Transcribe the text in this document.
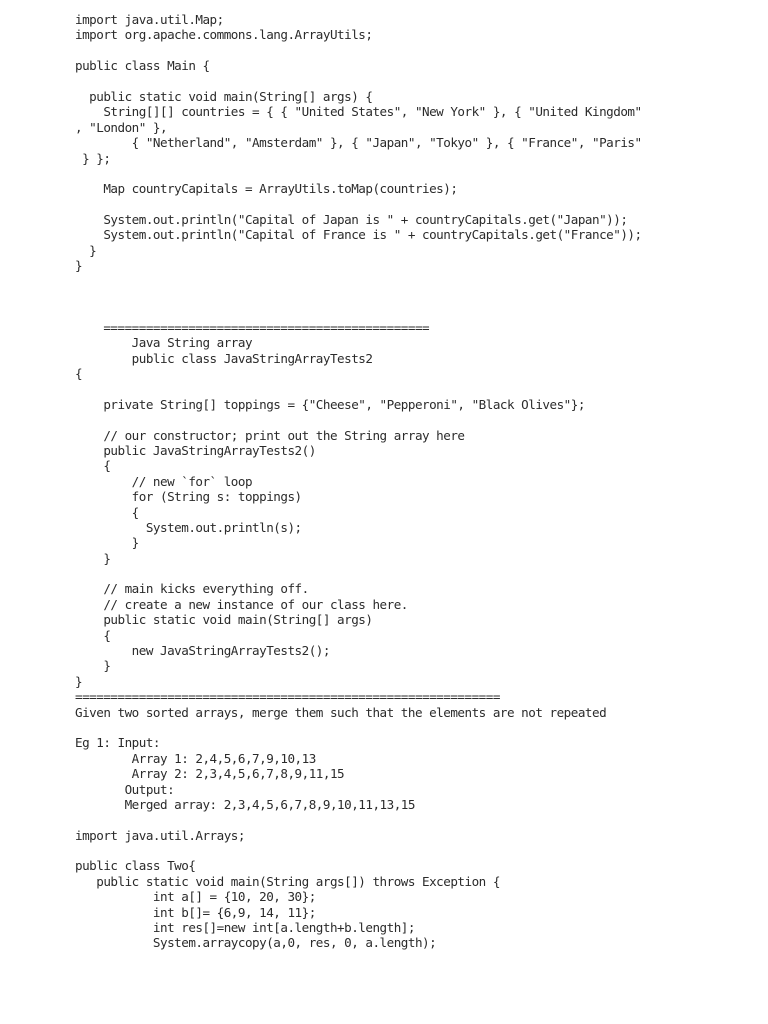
import java.util.Map;
import org.apache.commons.lang.ArrayUtils;
public class Main {
public static void main(String[] args) {
String[][] countries = { { "United States", "New York" }, { "United Kingdom"
, "London" },
{ "Netherland", "Amsterdam" }, { "Japan", "Tokyo" }, { "France", "Paris"
} };
Map countryCapitals = ArrayUtils.toMap(countries);
System.out.println("Capital of Japan is " + countryCapitals.get("Japan"));
System.out.println("Capital of France is " + countryCapitals.get("France"));
}
}
==============================================
Java String array
public class JavaStringArrayTests2
{
private String[] toppings = {"Cheese", "Pepperoni", "Black Olives"};
// our constructor; print out the String array here
public JavaStringArrayTests2()
{
// new `for` loop
for (String s: toppings)
{
System.out.println(s);
}
}
// main kicks everything off.
// create a new instance of our class here.
public static void main(String[] args)
{
new JavaStringArrayTests2();
}
}
============================================================
Given two sorted arrays, merge them such that the elements are not repeated
Eg 1: Input:
Array 1: 2,4,5,6,7,9,10,13
Array 2: 2,3,4,5,6,7,8,9,11,15
Output:
Merged array: 2,3,4,5,6,7,8,9,10,11,13,15
import java.util.Arrays;
public class Two{
public static void main(String args[]) throws Exception {
int a[] = {10, 20, 30};
int b[]= {6,9, 14, 11};
int res[]=new int[a.length+b.length];
System.arraycopy(a,0, res, 0, a.length);
